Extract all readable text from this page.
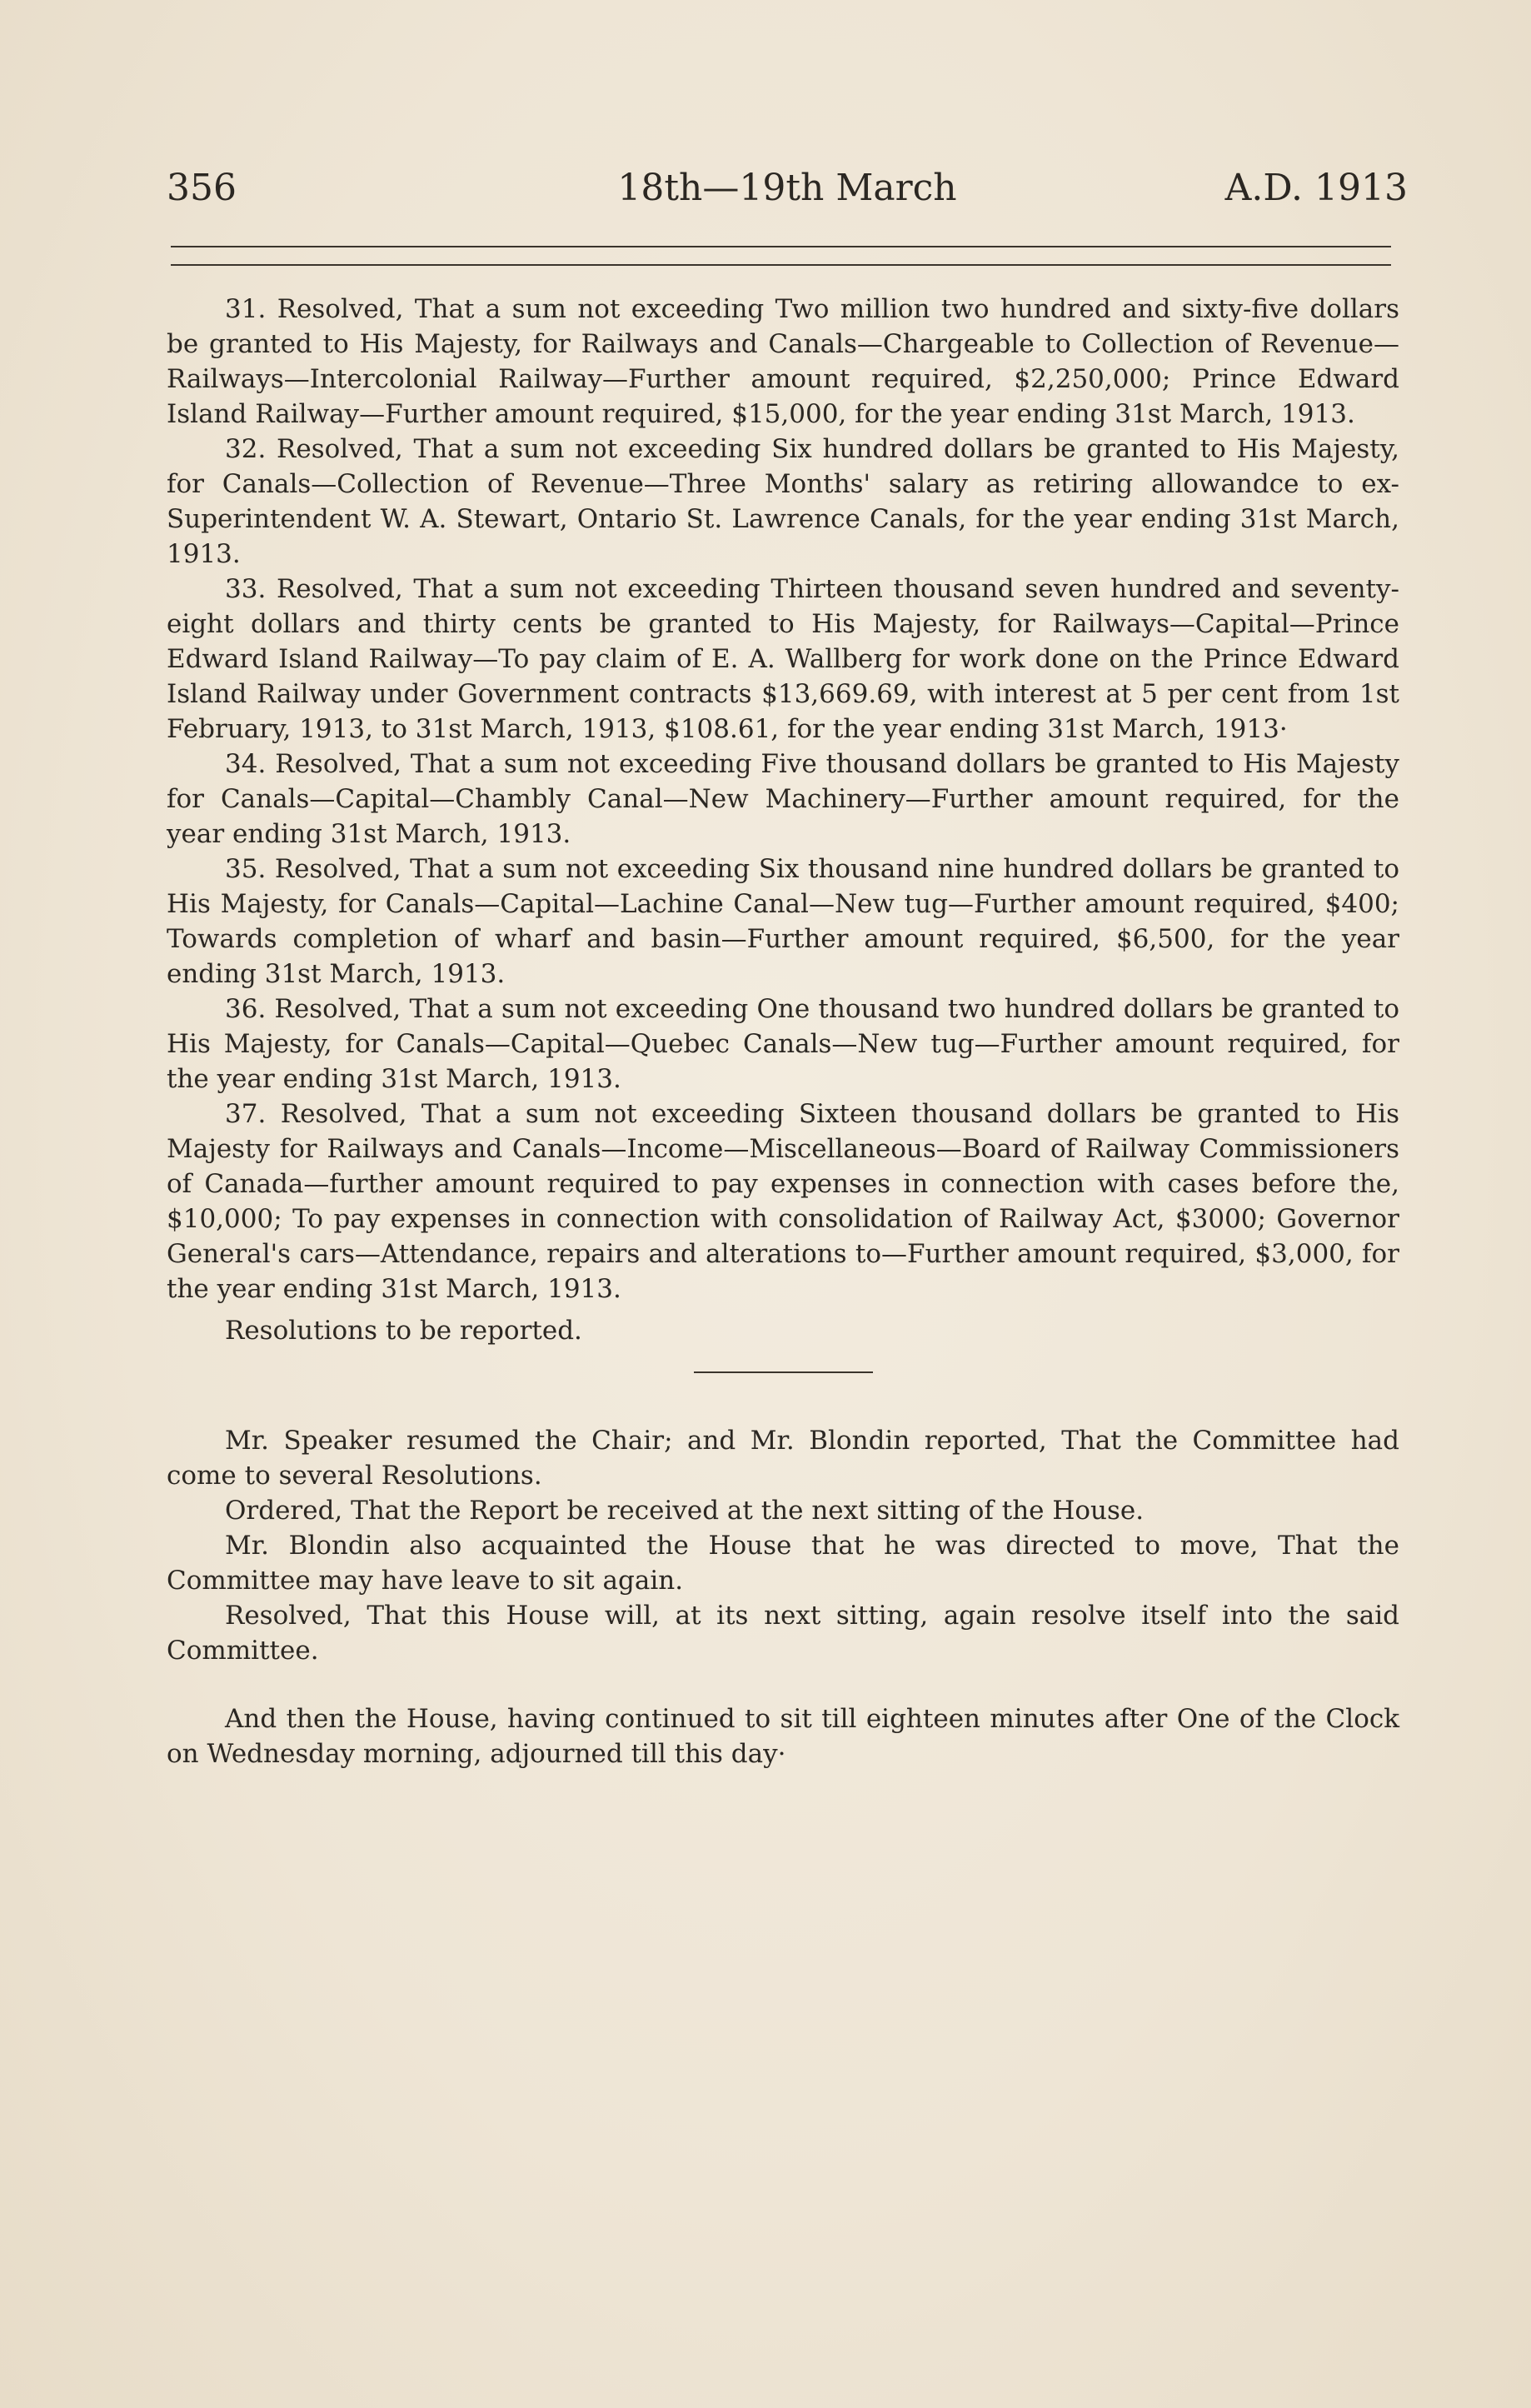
356	18th—19th March	A.D. 1913

31. Resolved, That a sum not exceeding Two million two hundred and sixty-five dollars be granted to His Majesty, for Railways and Canals—Chargeable to Collection of Revenue—Railways—Intercolonial Railway—Further amount required, $2,250,000; Prince Edward Island Railway—Further amount required, $15,000, for the year ending 31st March, 1913.

32. Resolved, That a sum not exceeding Six hundred dollars be granted to His Majesty, for Canals—Collection of Revenue—Three Months' salary as retiring allowandce to ex-Superintendent W. A. Stewart, Ontario St. Lawrence Canals, for the year ending 31st March, 1913.

33. Resolved, That a sum not exceeding Thirteen thousand seven hundred and seventy-eight dollars and thirty cents be granted to His Majesty, for Railways—Capital—Prince Edward Island Railway—To pay claim of E. A. Wallberg for work done on the Prince Edward Island Railway under Government contracts $13,669.69, with interest at 5 per cent from 1st February, 1913, to 31st March, 1913, $108.61, for the year ending 31st March, 1913·

34. Resolved, That a sum not exceeding Five thousand dollars be granted to His Majesty for Canals—Capital—Chambly Canal—New Machinery—Further amount required, for the year ending 31st March, 1913.

35. Resolved, That a sum not exceeding Six thousand nine hundred dollars be granted to His Majesty, for Canals—Capital—Lachine Canal—New tug—Further amount required, $400; Towards completion of wharf and basin—Further amount required, $6,500, for the year ending 31st March, 1913.

36. Resolved, That a sum not exceeding One thousand two hundred dollars be granted to His Majesty, for Canals—Capital—Quebec Canals—New tug—Further amount required, for the year ending 31st March, 1913.

37. Resolved, That a sum not exceeding Sixteen thousand dollars be granted to His Majesty for Railways and Canals—Income—Miscellaneous—Board of Railway Commissioners of Canada—further amount required to pay expenses in connection with cases before the, $10,000; To pay expenses in connection with consolidation of Railway Act, $3000; Governor General's cars—Attendance, repairs and alterations to—Further amount required, $3,000, for the year ending 31st March, 1913.

Resolutions to be reported.

Mr. Speaker resumed the Chair; and Mr. Blondin reported, That the Committee had come to several Resolutions.

Ordered, That the Report be received at the next sitting of the House.

Mr. Blondin also acquainted the House that he was directed to move, That the Committee may have leave to sit again.

Resolved, That this House will, at its next sitting, again resolve itself into the said Committee.

And then the House, having continued to sit till eighteen minutes after One of the Clock on Wednesday morning, adjourned till this day·
